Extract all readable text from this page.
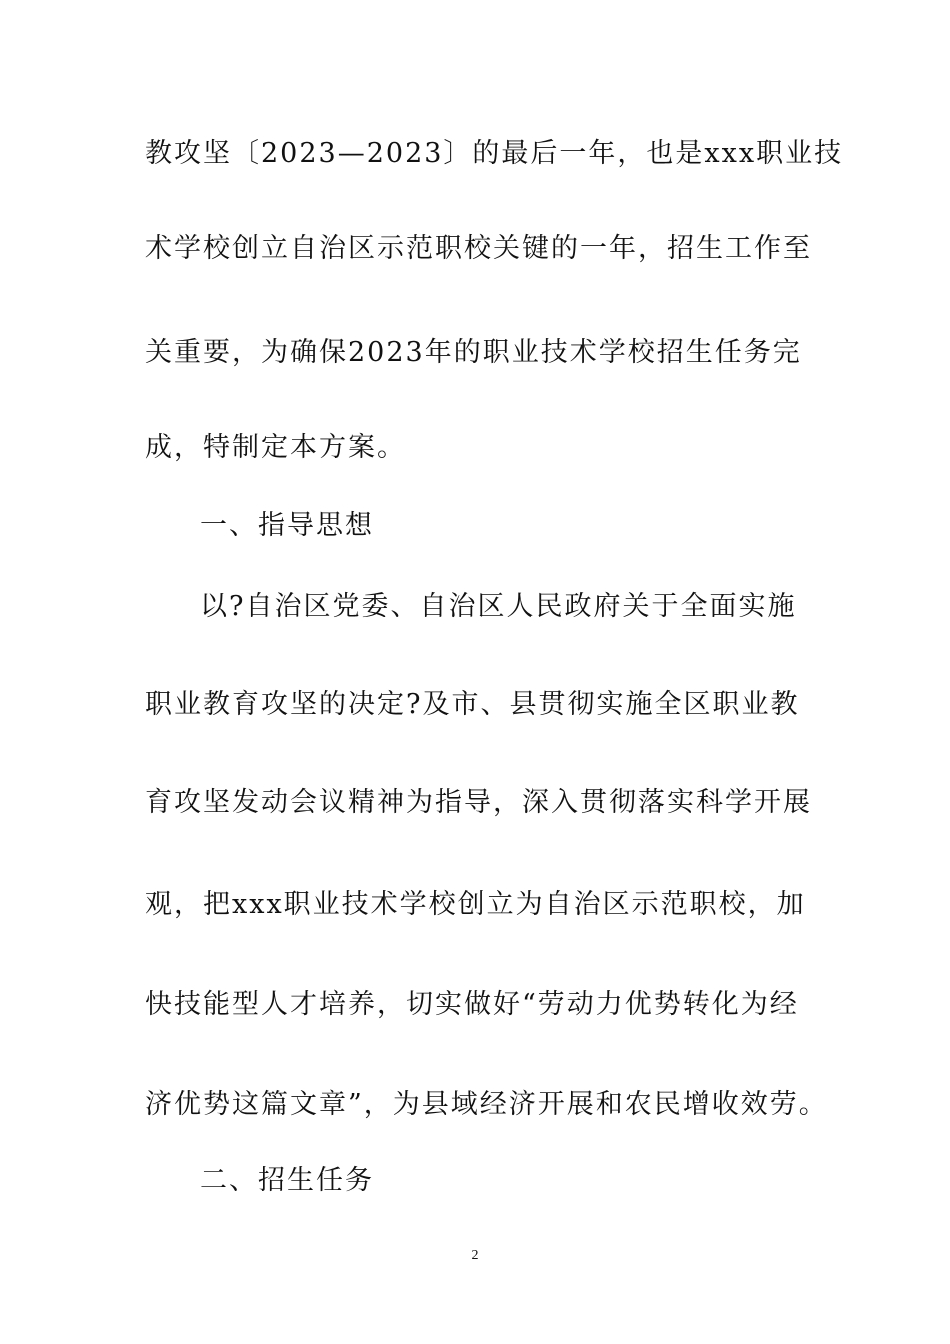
教攻坚〔2023—2023〕的最后一年，也是xxx职业技
术学校创立自治区示范职校关键的一年，招生工作至
关重要，为确保2023年的职业技术学校招生任务完
成，特制定本方案。
一、指导思想
以?自治区党委、自治区人民政府关于全面实施
职业教育攻坚的决定?及市、县贯彻实施全区职业教
育攻坚发动会议精神为指导，深入贯彻落实科学开展
观，把xxx职业技术学校创立为自治区示范职校，加
快技能型人才培养，切实做好“劳动力优势转化为经
济优势这篇文章”，为县域经济开展和农民增收效劳。
二、招生任务
2
